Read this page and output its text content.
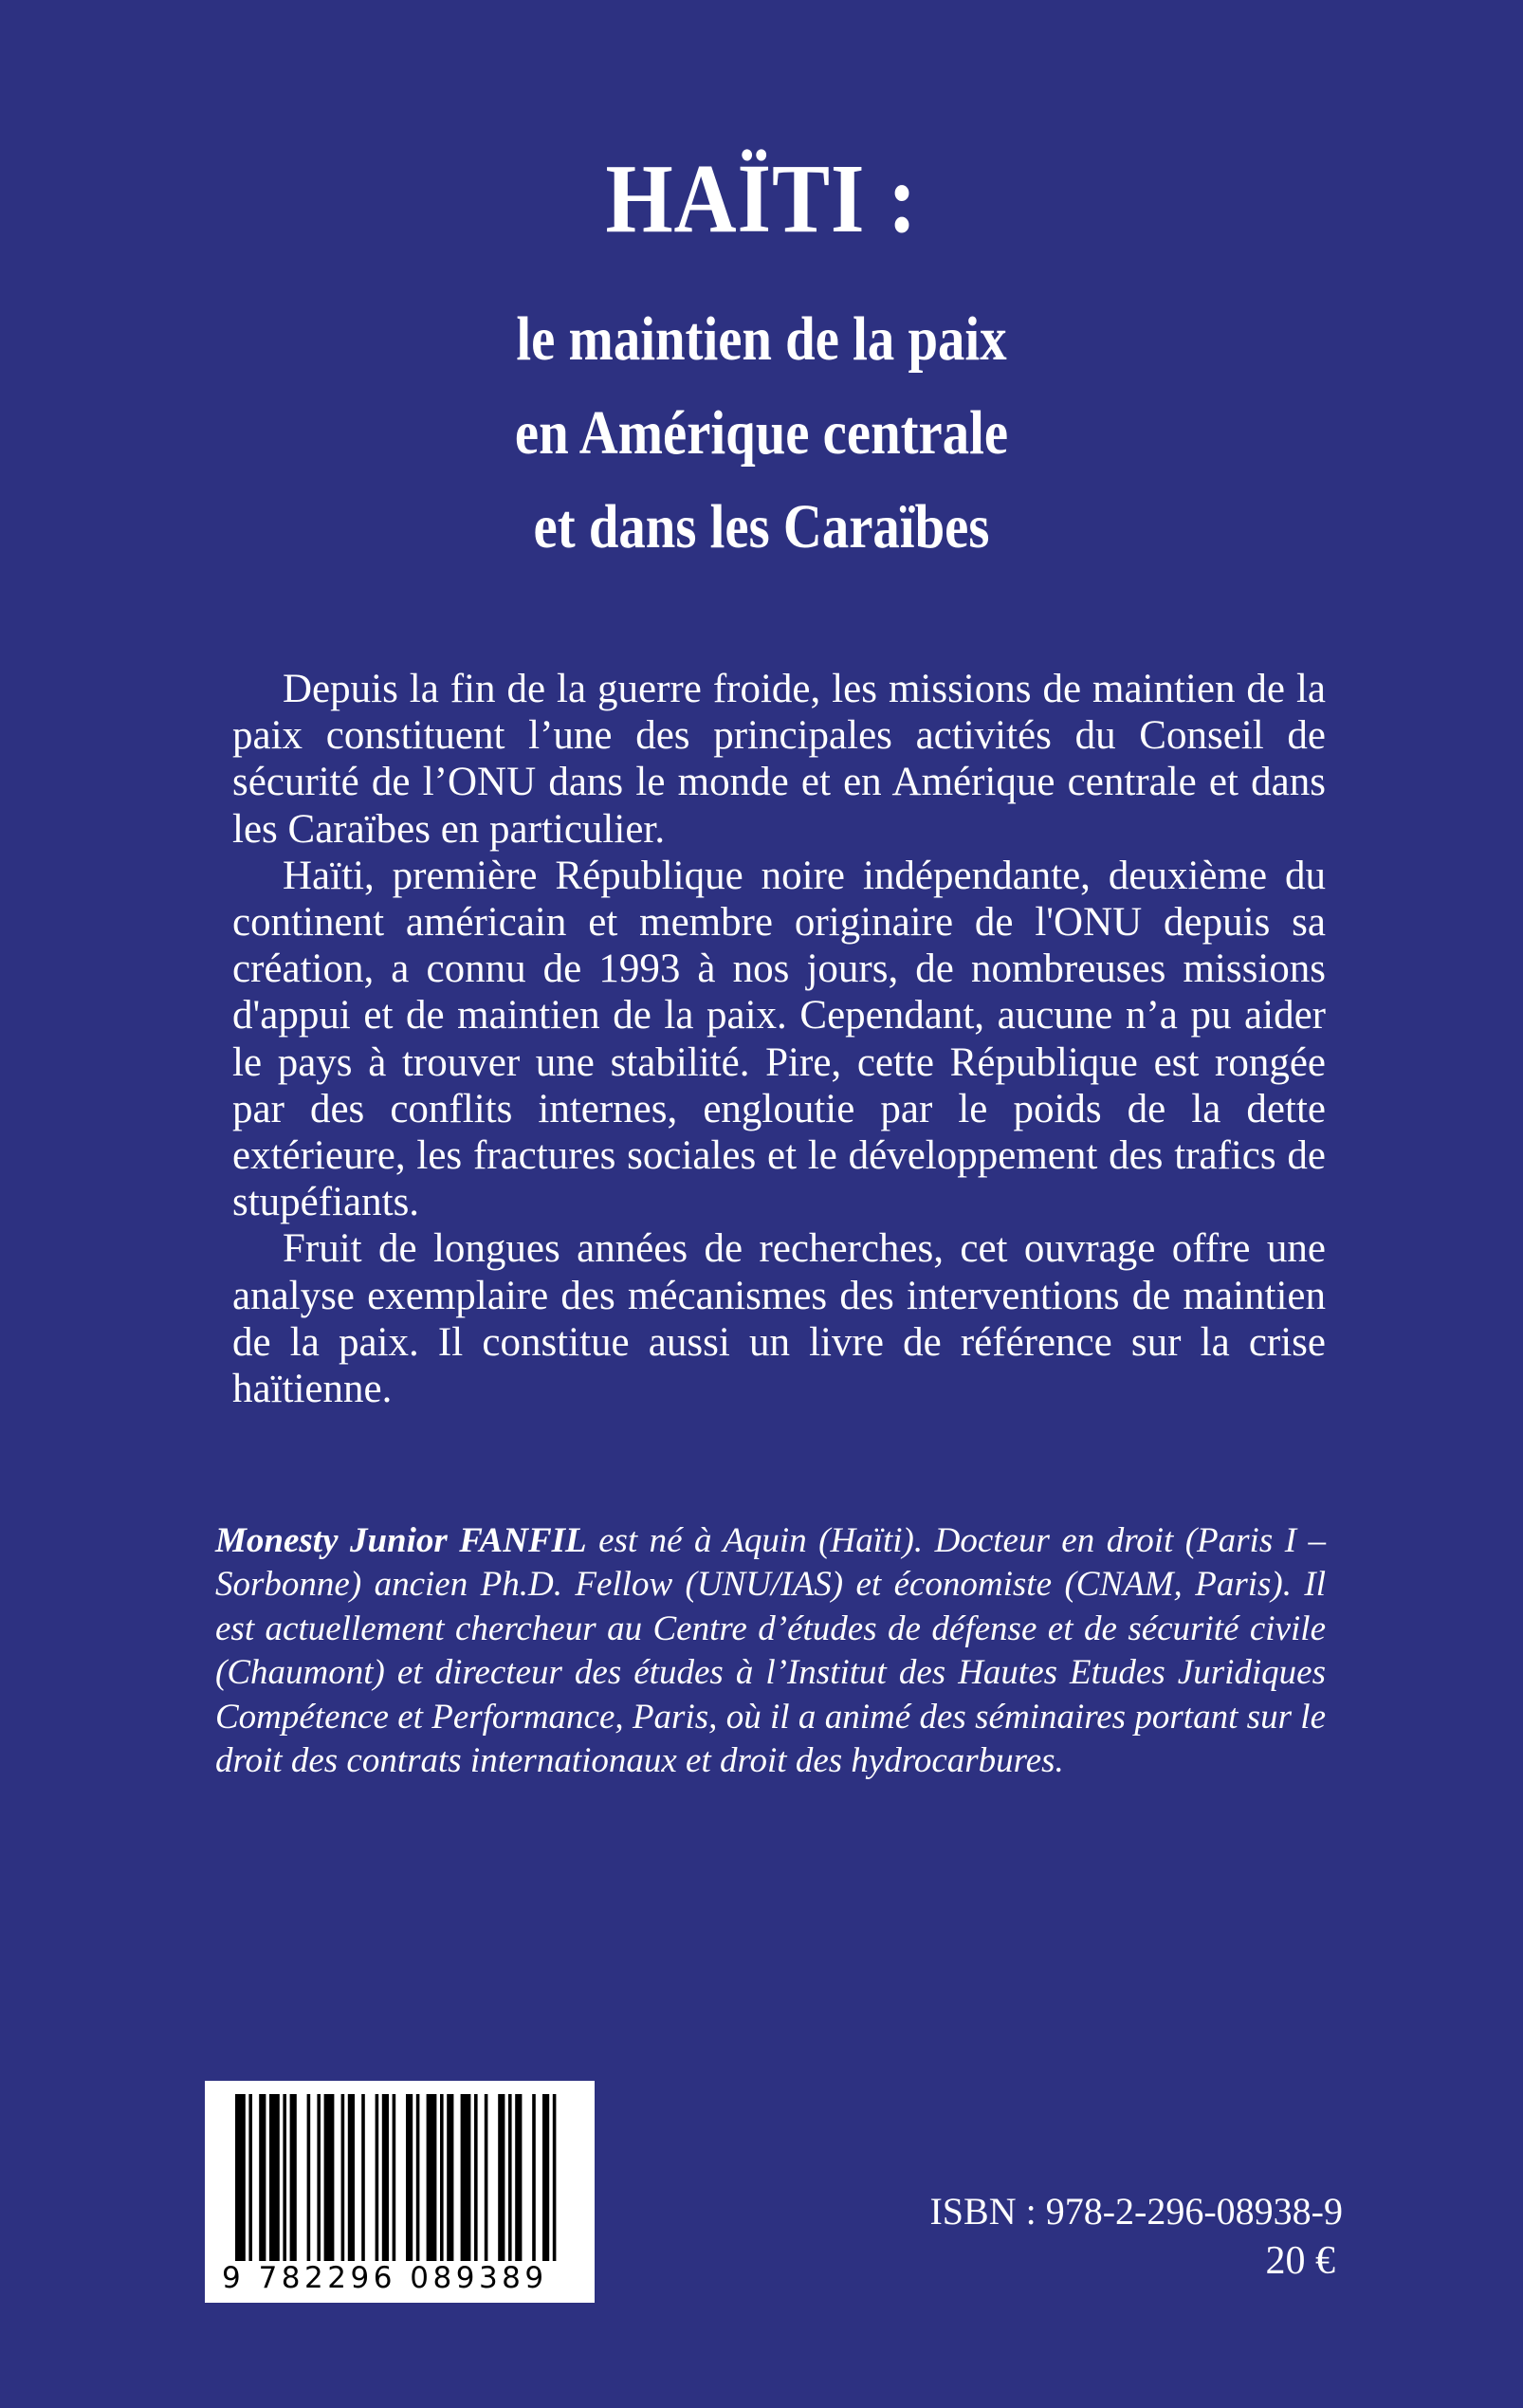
HAÏTI :
le maintien de la paix
en Amérique centrale
et dans les Caraïbes

Depuis la fin de la guerre froide, les missions de maintien de la paix constituent l’une des principales activités du Conseil de sécurité de l’ONU dans le monde et en Amérique centrale et dans les Caraïbes en particulier.

Haïti, première République noire indépendante, deuxième du continent américain et membre originaire de l'ONU depuis sa création, a connu de 1993 à nos jours, de nombreuses missions d'appui et de maintien de la paix. Cependant, aucune n’a pu aider le pays à trouver une stabilité. Pire, cette République est rongée par des conflits internes, engloutie par le poids de la dette extérieure, les fractures sociales et le développement des trafics de stupéfiants.

Fruit de longues années de recherches, cet ouvrage offre une analyse exemplaire des mécanismes des interventions de maintien de la paix. Il constitue aussi un livre de référence sur la crise haïtienne.

Monesty Junior FANFIL est né à Aquin (Haïti). Docteur en droit (Paris I – Sorbonne) ancien Ph.D. Fellow (UNU/IAS) et économiste (CNAM, Paris). Il est actuellement chercheur au Centre d’études de défense et de sécurité civile (Chaumont) et directeur des études à l’Institut des Hautes Etudes Juridiques Compétence et Performance, Paris, où il a animé des séminaires portant sur le droit des contrats internationaux et droit des hydrocarbures.
9 782296 089389
ISBN : 978-2-296-08938-9
20 €
